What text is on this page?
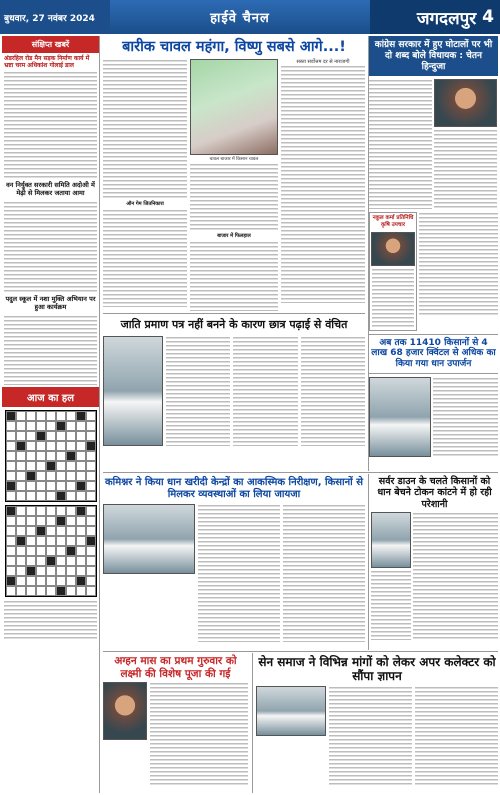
बुधवार, 27 नवंबर 2024	हाईवे चैनल	जगदलपुर
4
संक्षिप्त खबरें
अंडरहिल रोड मैन सड़क निर्माण कार्य में भ्रष्टा चरम अधिकांश गोलाई डाल
वन निर्युक्त सरकारी समिति अदोअी में मेढ़ी से मिलकर जताया आमा
पदुल स्कूल में नशा मुक्ति अभियान पर हुआ कार्यक्रम
आज का हल
बारीक चावल महंगा, विष्णु सबसे आगे...!
ऑन गेम जितनिकारा
चावल बाजार में किसान चावल
बाजार में फिलहाल
सस्ता सर्वोत्तम दर से नाराजगी
जाति प्रमाण पत्र नहीं बनने के कारण छात्र पढ़ाई से वंचित
कांग्रेस सरकार में हुए घोटालों पर भी दो शब्द बोले विधायक : चेतन हिन्दुजा
नकुल कर्मा प्रतिनिधि कृषि उपचार
अब तक 11410 किसानों से 4 लाख 68 हजार क्विंटल से अधिक का किया गया धान उपार्जन
कमिश्नर ने किया धान खरीदी केन्द्रों का आकस्मिक निरीक्षण, किसानों से मिलकर व्यवस्थाओं का लिया जायजा
सर्वर डाउन के चलते किसानों को धान बेचने टोकन कांटने में हो रही परेशानी
अग्हन मास का प्रथम गुरुवार को लक्ष्मी की विशेष पूजा की गई
सेन समाज ने विभिन्न मांगों को लेकर अपर कलेक्टर को सौंपा ज्ञापन
